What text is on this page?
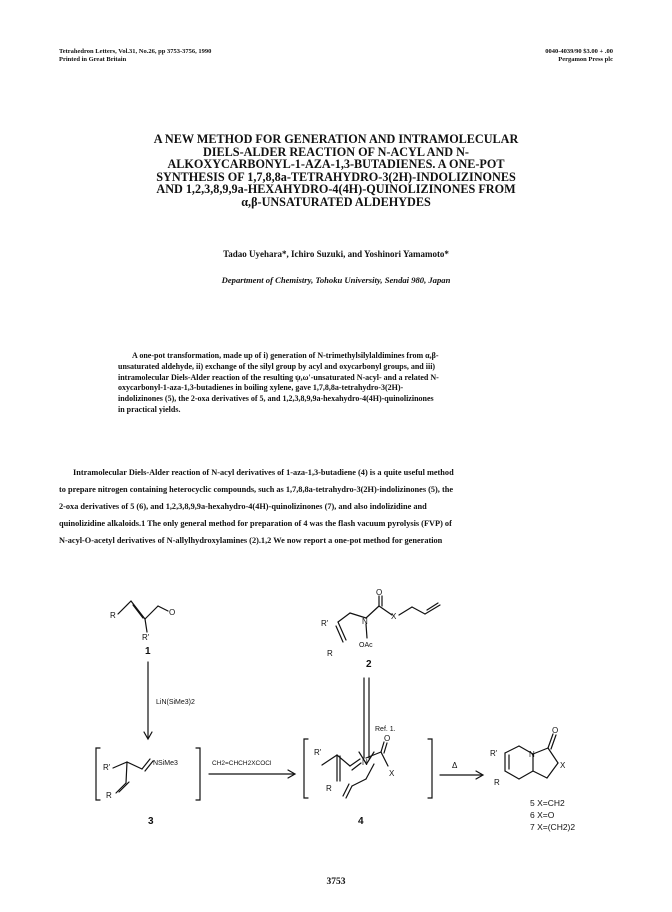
Tetrahedron Letters, Vol.31, No.26, pp 3753-3756, 1990
Printed in Great Britain
0040-4039/90 $3.00 + .00
Pergamon Press plc
A NEW METHOD FOR GENERATION AND INTRAMOLECULAR
DIELS-ALDER REACTION OF N-ACYL AND N-
ALKOXYCARBONYL-1-AZA-1,3-BUTADIENES. A ONE-POT
SYNTHESIS OF 1,7,8,8a-TETRAHYDRO-3(2H)-INDOLIZINONES
AND 1,2,3,8,9,9a-HEXAHYDRO-4(4H)-QUINOLIZINONES FROM
α,β-UNSATURATED ALDEHYDES
Tadao Uyehara*, Ichiro Suzuki, and Yoshinori Yamamoto*
Department of Chemistry, Tohoku University, Sendai 980, Japan
A one-pot transformation, made up of i) generation of N-trimethylsilylaldimines from α,β-
unsaturated aldehyde, ii) exchange of the silyl group by acyl and oxycarbonyl groups, and iii)
intramolecular Diels-Alder reaction of the resulting ψ,ω'-unsaturated N-acyl- and a related N-
oxycarbonyl-1-aza-1,3-butadienes in boiling xylene, gave 1,7,8,8a-tetrahydro-3(2H)-
indolizinones (5), the 2-oxa derivatives of 5, and 1,2,3,8,9,9a-hexahydro-4(4H)-quinolizinones
in practical yields.
Intramolecular Diels-Alder reaction of N-acyl derivatives of 1-aza-1,3-butadiene (4) is a quite useful method
to prepare nitrogen containing heterocyclic compounds, such as 1,7,8,8a-tetrahydro-3(2H)-indolizinones (5), the
2-oxa derivatives of 5 (6), and 1,2,3,8,9,9a-hexahydro-4(4H)-quinolizinones (7), and also indolizidine and
quinolizidine alkaloids.1 The only general method for preparation of 4 was the flash vacuum pyrolysis (FVP) of
N-acyl-O-acetyl derivatives of N-allylhydroxylamines (2).1,2 We now report a one-pot method for generation
R	O
R'
1
LiN(SiMe3)2
R'	N
O
X
OAc
R
2
Ref. 1.
R'	NSiMe3
R
3
CH2=CHCH2XCOCl
R'
N
O
X
R
4
Δ
R'	N
O
X
R
5 X=CH2
6 X=O
7 X=(CH2)2
3753
